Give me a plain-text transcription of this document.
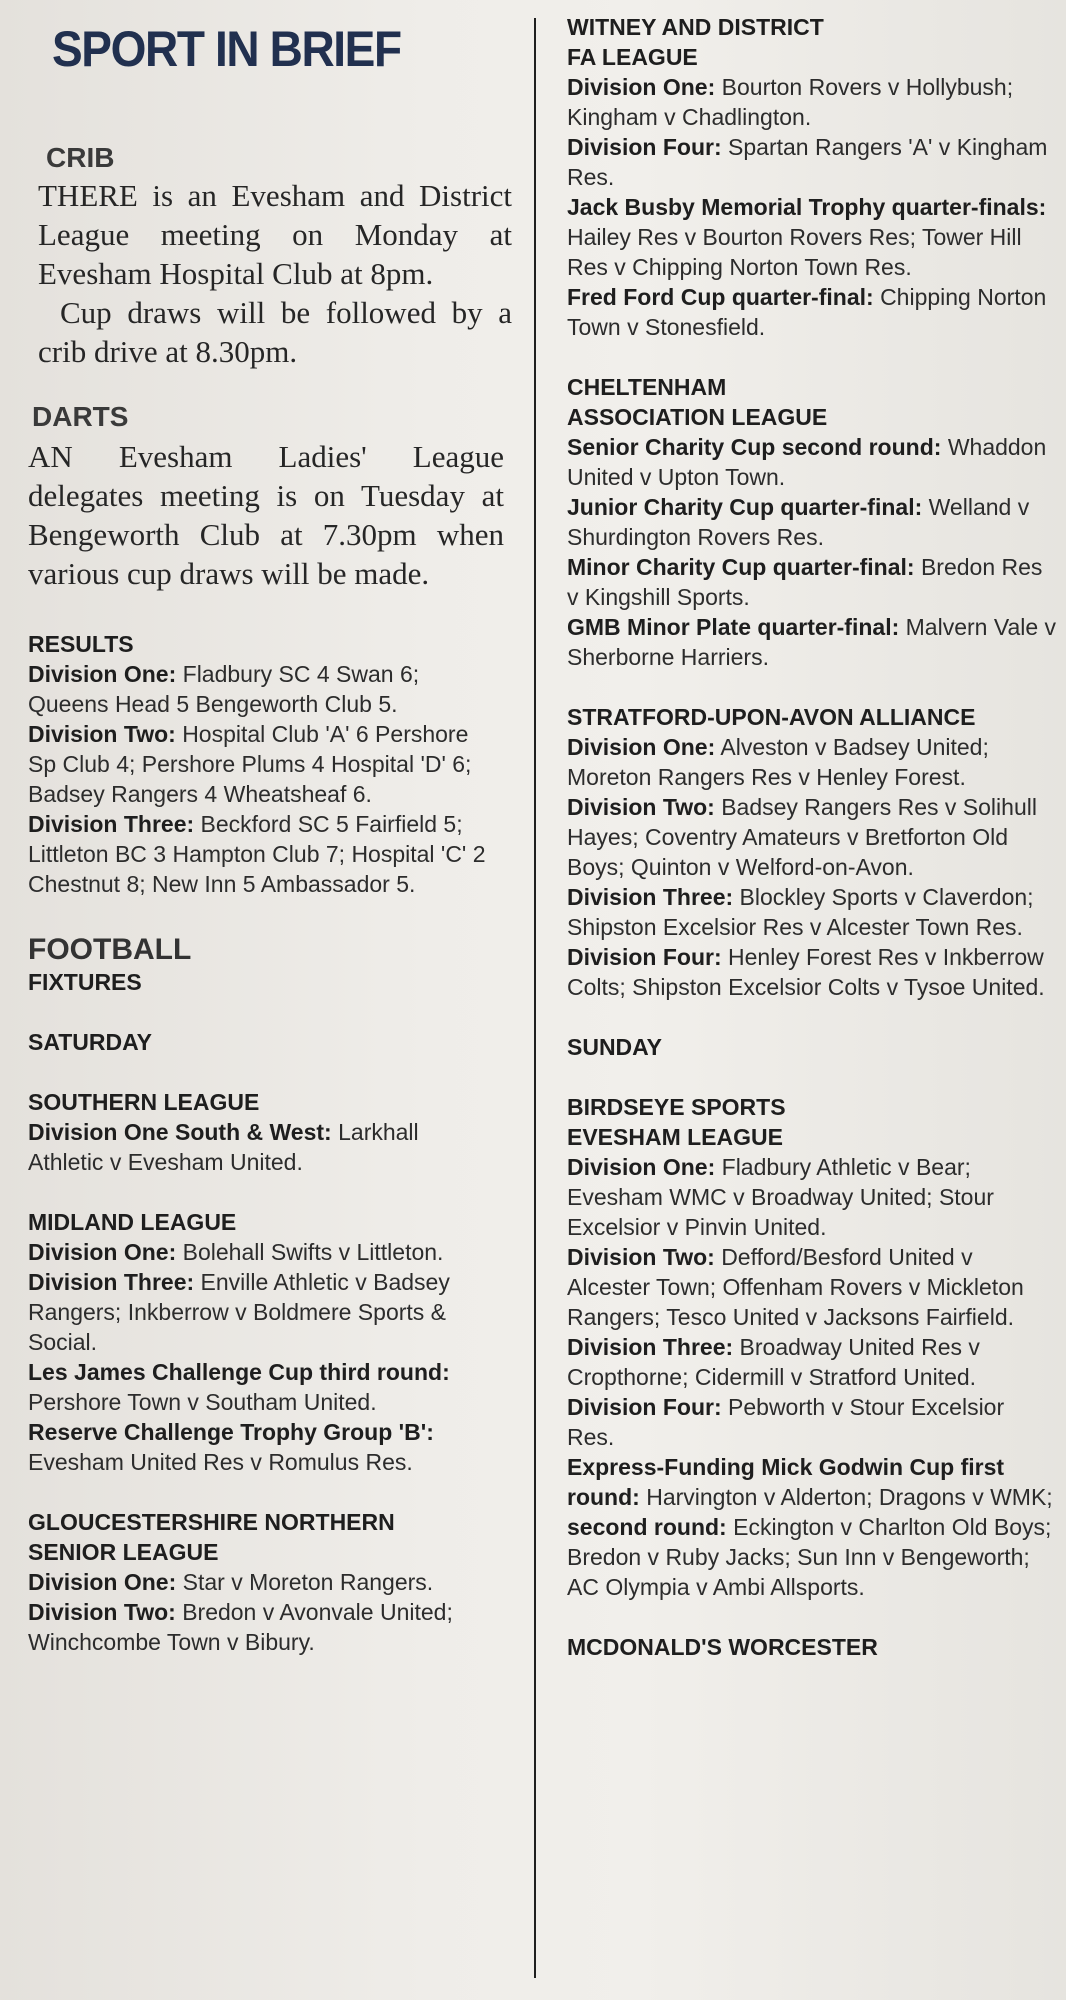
SPORT IN BRIEF

CRIB

THERE is an Evesham and District League meeting on Monday at Evesham Hospital Club at 8pm.

Cup draws will be followed by a crib drive at 8.30pm.

DARTS

AN Evesham Ladies' League delegates meeting is on Tuesday at Bengeworth Club at 7.30pm when various cup draws will be made.

RESULTS

Division One: Fladbury SC 4 Swan 6; Queens Head 5 Bengeworth Club 5.

Division Two: Hospital Club 'A' 6 Pershore Sp Club 4; Pershore Plums 4 Hospital 'D' 6; Badsey Rangers 4 Wheatsheaf 6.

Division Three: Beckford SC 5 Fairfield 5; Littleton BC 3 Hampton Club 7; Hospital 'C' 2 Chestnut 8; New Inn 5 Ambassador 5.

FOOTBALL

FIXTURES

SATURDAY

SOUTHERN LEAGUE

Division One South & West: Larkhall Athletic v Evesham United.

MIDLAND LEAGUE

Division One: Bolehall Swifts v Littleton.

Division Three: Enville Athletic v Badsey Rangers; Inkberrow v Boldmere Sports & Social.

Les James Challenge Cup third round: Pershore Town v Southam United.

Reserve Challenge Trophy Group 'B': Evesham United Res v Romulus Res.

GLOUCESTERSHIRE NORTHERN

SENIOR LEAGUE

Division One: Star v Moreton Rangers.

Division Two: Bredon v Avonvale United; Winchcombe Town v Bibury.

WITNEY AND DISTRICT

FA LEAGUE

Division One: Bourton Rovers v Hollybush; Kingham v Chadlington.

Division Four: Spartan Rangers 'A' v Kingham Res.

Jack Busby Memorial Trophy quarter-finals: Hailey Res v Bourton Rovers Res; Tower Hill Res v Chipping Norton Town Res.

Fred Ford Cup quarter-final: Chipping Norton Town v Stonesfield.

CHELTENHAM

ASSOCIATION LEAGUE

Senior Charity Cup second round: Whaddon United v Upton Town.

Junior Charity Cup quarter-final: Welland v Shurdington Rovers Res.

Minor Charity Cup quarter-final: Bredon Res v Kingshill Sports.

GMB Minor Plate quarter-final: Malvern Vale v Sherborne Harriers.

STRATFORD-UPON-AVON ALLIANCE

Division One: Alveston v Badsey United; Moreton Rangers Res v Henley Forest.

Division Two: Badsey Rangers Res v Solihull Hayes; Coventry Amateurs v Bretforton Old Boys; Quinton v Welford-on-Avon.

Division Three: Blockley Sports v Claverdon; Shipston Excelsior Res v Alcester Town Res.

Division Four: Henley Forest Res v Inkberrow Colts; Shipston Excelsior Colts v Tysoe United.

SUNDAY

BIRDSEYE SPORTS

EVESHAM LEAGUE

Division One: Fladbury Athletic v Bear; Evesham WMC v Broadway United; Stour Excelsior v Pinvin United.

Division Two: Defford/Besford United v Alcester Town; Offenham Rovers v Mickleton Rangers; Tesco United v Jacksons Fairfield.

Division Three: Broadway United Res v Cropthorne; Cidermill v Stratford United.

Division Four: Pebworth v Stour Excelsior Res.

Express-Funding Mick Godwin Cup first round: Harvington v Alderton; Dragons v WMK; second round: Eckington v Charlton Old Boys; Bredon v Ruby Jacks; Sun Inn v Bengeworth; AC Olympia v Ambi Allsports.

MCDONALD'S WORCESTER
